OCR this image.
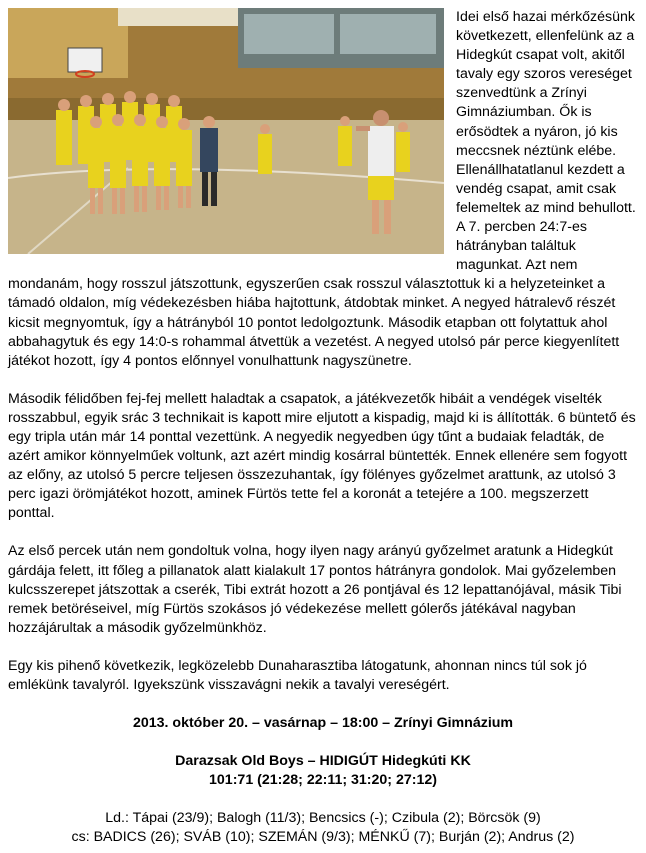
Idei első hazai mérkőzésünk következett, ellenfelünk az a Hidegkút csapat volt, akitől tavaly egy szoros vereséget szenvedtünk a Zrínyi Gimnáziumban. Ők is erősödtek a nyáron, jó kis meccsnek néztünk elébe. Ellenállhatatlanul kezdett a vendég csapat, amit csak felemeltek az mind behullott. A 7. percben 24:7-es hátrányban találtuk magunkat. Azt nem mondanám, hogy rosszul játszottunk, egyszerűen csak rosszul választottuk ki a helyzeteinket a támadó oldalon, míg védekezésben hiába hajtottunk, átdobtak minket. A negyed hátralevő részét kicsit megnyomtuk, így a hátrányból 10 pontot ledolgoztunk. Második etapban ott folytattuk ahol abbahagytuk és egy 14:0-s rohammal átvettük a vezetést. A negyed utolsó pár perce kiegyenlített játékot hozott, így 4 pontos előnnyel vonulhattunk nagyszünetre.

Második félidőben fej-fej mellett haladtak a csapatok, a játékvezetők hibáit a vendégek viselték rosszabbul, egyik srác 3 technikait is kapott mire eljutott a kispadig, majd ki is állították. 6 büntető és egy tripla után már 14 ponttal vezettünk. A negyedik negyedben úgy tűnt a budaiak feladták, de azért amikor könnyelműek voltunk, azt azért mindig kosárral büntették. Ennek ellenére sem fogyott az előny, az utolsó 5 percre teljesen összezuhantak, így fölényes győzelmet arattunk, az utolsó 3 perc igazi örömjátékot hozott, aminek Fürtös tette fel a koronát a tetejére a 100. megszerzett ponttal.

Az első percek után nem gondoltuk volna, hogy ilyen nagy arányú győzelmet aratunk a Hidegkút gárdája felett, itt főleg a pillanatok alatt kialakult 17 pontos hátrányra gondolok. Mai győzelemben kulcsszerepet játszottak a cserék, Tibi extrát hozott a 26 pontjával és 12 lepattanójával, másik Tibi remek betöréseivel, míg Fürtös szokásos jó védekezése mellett gólerős játékával nagyban hozzájárultak a második győzelmünkhöz.

Egy kis pihenő következik, legközelebb Dunaharasztiba látogatunk, ahonnan nincs túl sok jó emlékünk tavalyról. Igyekszünk visszavágni nekik a tavalyi vereségért.

2013. október 20. – vasárnap – 18:00 – Zrínyi Gimnázium
Darazsak Old Boys – HIDIGÚT Hidegkúti KK
101:71 (21:28; 22:11; 31:20; 27:12)
Ld.: Tápai (23/9); Balogh (11/3); Bencsics (-); Czibula (2); Börcsök (9)
cs: BADICS (26); SVÁB (10); SZEMÁN (9/3); MÉNKŰ (7); Burján (2); Andrus (2)
